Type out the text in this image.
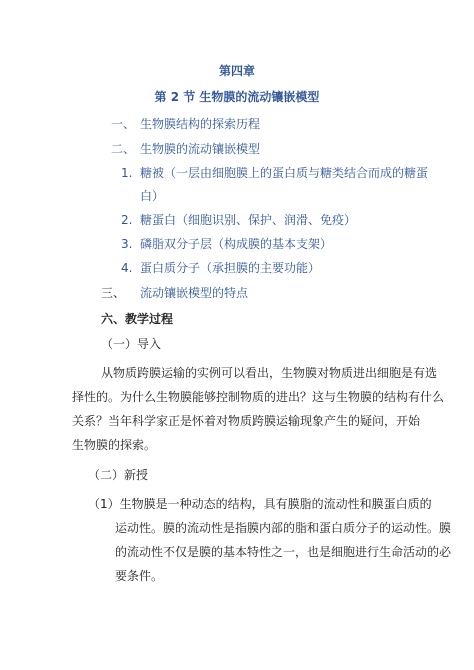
第四章
第 2 节 生物膜的流动镶嵌模型
一、 生物膜结构的探索历程
二、 生物膜的流动镶嵌模型
1. 糖被（一层由细胞膜上的蛋白质与糖类结合而成的糖蛋
白）
2. 糖蛋白（细胞识别、保护、润滑、免疫）
3. 磷脂双分子层（构成膜的基本支架）
4. 蛋白质分子（承担膜的主要功能）
三、 流动镶嵌模型的特点
六、教学过程
（一）导入
从物质跨膜运输的实例可以看出，生物膜对物质进出细胞是有选
择性的。为什么生物膜能够控制物质的进出？这与生物膜的结构有什么
关系？当年科学家正是怀着对物质跨膜运输现象产生的疑问，开始
生物膜的探索。
（二）新授
（1）生物膜是一种动态的结构，具有膜脂的流动性和膜蛋白质的
运动性。膜的流动性是指膜内部的脂和蛋白质分子的运动性。膜
的流动性不仅是膜的基本特性之一，也是细胞进行生命活动的必
要条件。
